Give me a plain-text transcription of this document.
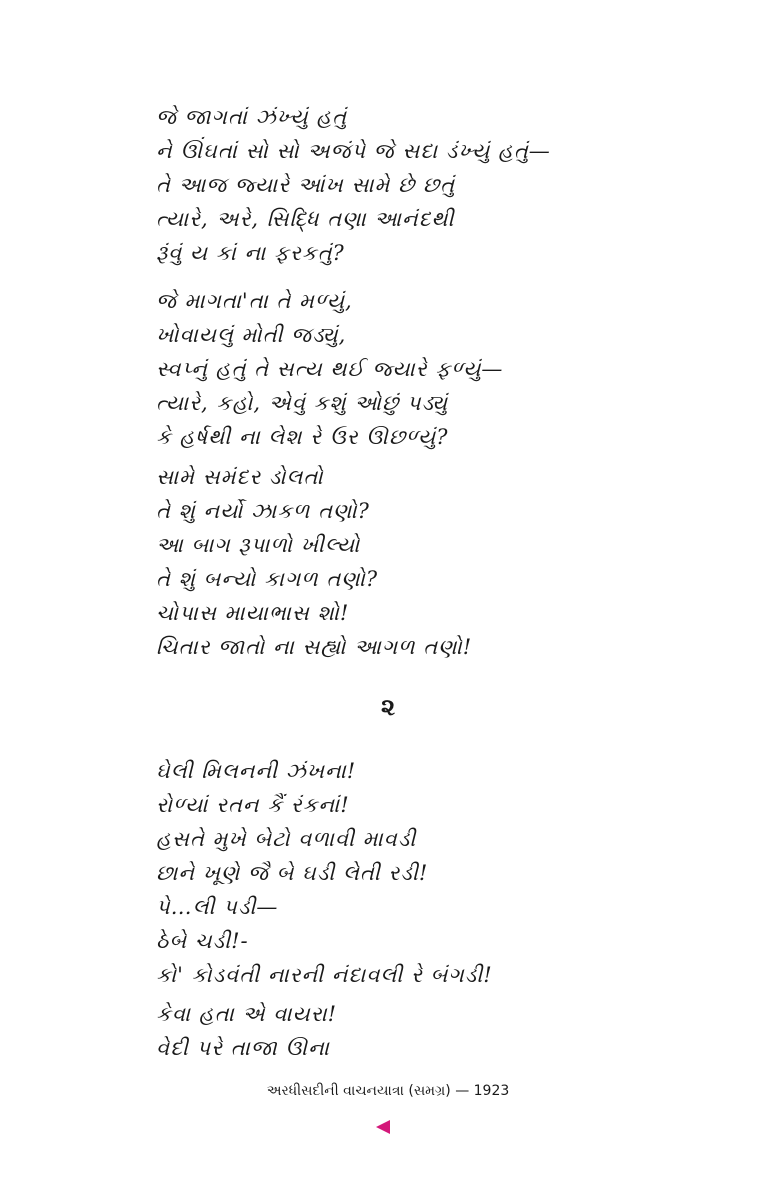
જે જાગતાં ઝંખ્યું હતું
ને ઊંઘતાં સો સો અજંપે જે સદા ડંખ્યું હતું—
તે આજ જ્યારે આંખ સામે છે છતું
ત્યારે, અરે, સિદ્ધિ તણા આનંદથી
રૂંવું ય કાં ના ફરકતું?
જે માગતા'તા તે મળ્યું,
ખોવાયલું મોતી જડ્યું,
સ્વપ્નું હતું તે સત્ય થઈ જ્યારે ફળ્યું—
ત્યારે, કહો, એવું કશું ઓછું પડ્યું
કે હર્ષથી ના લેશ રે ઉર ઊછળ્યું?
સામે સમંદર ડોલતો
તે શું નર્યો ઝાકળ તણો?
આ બાગ રૂપાળો ખીલ્યો
તે શું બન્યો કાગળ તણો?
ચોપાસ માયાભાસ શો!
ચિતાર જાતો ના સહ્યો આગળ તણો!
૨
ઘેલી મિલનની ઝંખના!
રોળ્યાં રતન કૈં રંકનાં!
હસતે મુખે બેટો વળાવી માવડી
છાને ખૂણે જૈ બે ઘડી લેતી રડી!
પે…લી પડી—
ઠેબે ચડી!-
કો' કોડવંતી નારની નંદાવલી રે બંગડી!
કેવા હતા એ વાયરા!
વેદી પરે તાજા ઊના
અરધીસદીની વાચનયાત્રા (સમગ્ર) — 1923
